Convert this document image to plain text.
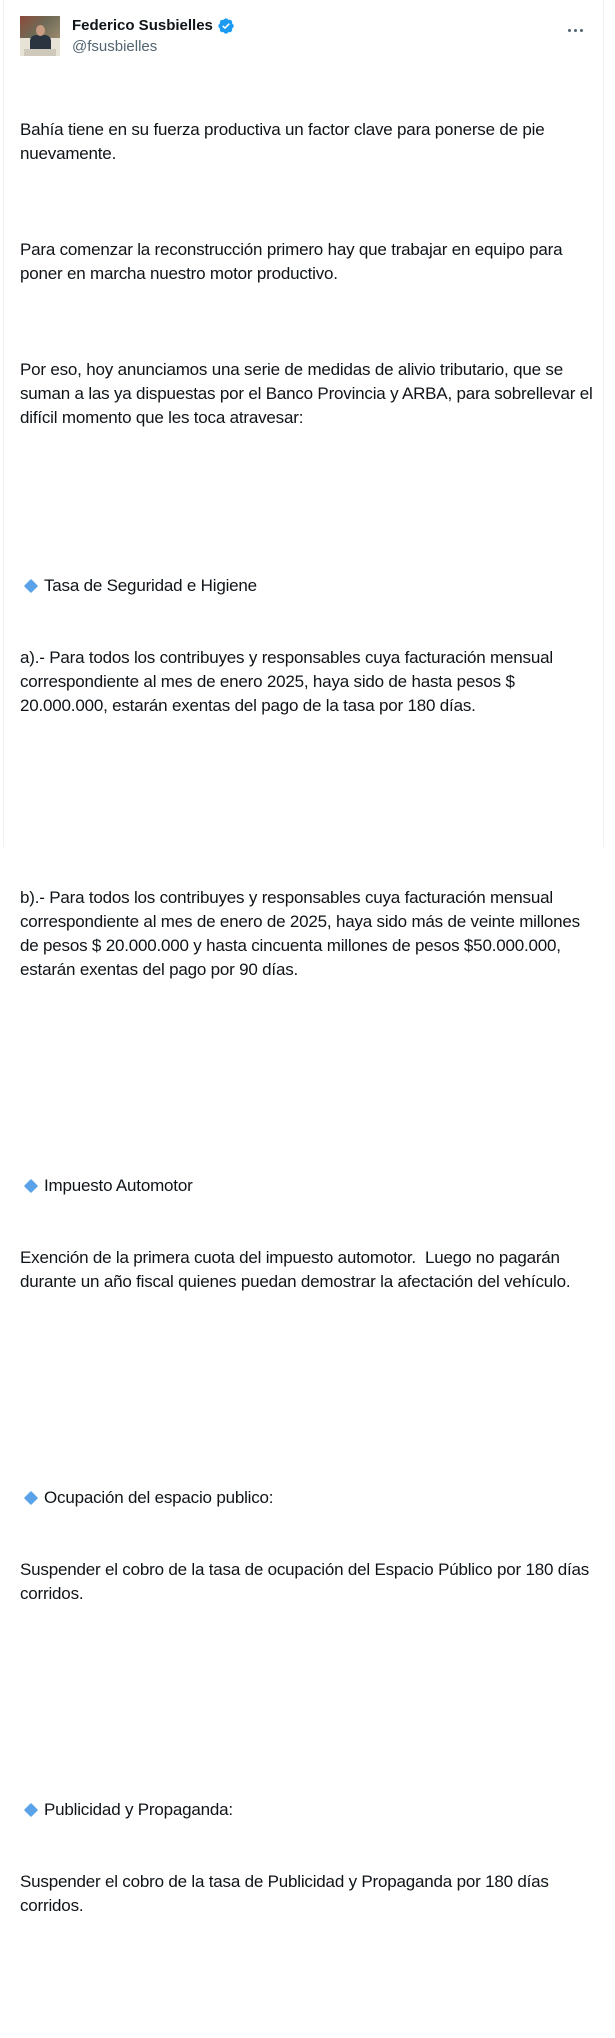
Federico Susbielles
@fsusbielles

Bahía tiene en su fuerza productiva un factor clave para ponerse de pie nuevamente.

Para comenzar la reconstrucción primero hay que trabajar en equipo para poner en marcha nuestro motor productivo.

Por eso, hoy anunciamos una serie de medidas de alivio tributario, que se suman a las ya dispuestas por el Banco Provincia y ARBA, para sobrellevar el difícil momento que les toca atravesar:

Tasa de Seguridad e Higiene

a).- Para todos los contribuyes y responsables cuya facturación mensual correspondiente al mes de enero 2025, haya sido de hasta pesos $ 20.000.000, estarán exentas del pago de la tasa por 180 días.

b).- Para todos los contribuyes y responsables cuya facturación mensual correspondiente al mes de enero de 2025, haya sido más de veinte millones de pesos $ 20.000.000 y hasta cincuenta millones de pesos $50.000.000, estarán exentas del pago por 90 días.

Impuesto Automotor

Exención de la primera cuota del impuesto automotor.  Luego no pagarán durante un año fiscal quienes puedan demostrar la afectación del vehículo.

Ocupación del espacio publico:

Suspender el cobro de la tasa de ocupación del Espacio Público por 180 días corridos.

Publicidad y Propaganda:

Suspender el cobro de la tasa de Publicidad y Propaganda por 180 días corridos.
